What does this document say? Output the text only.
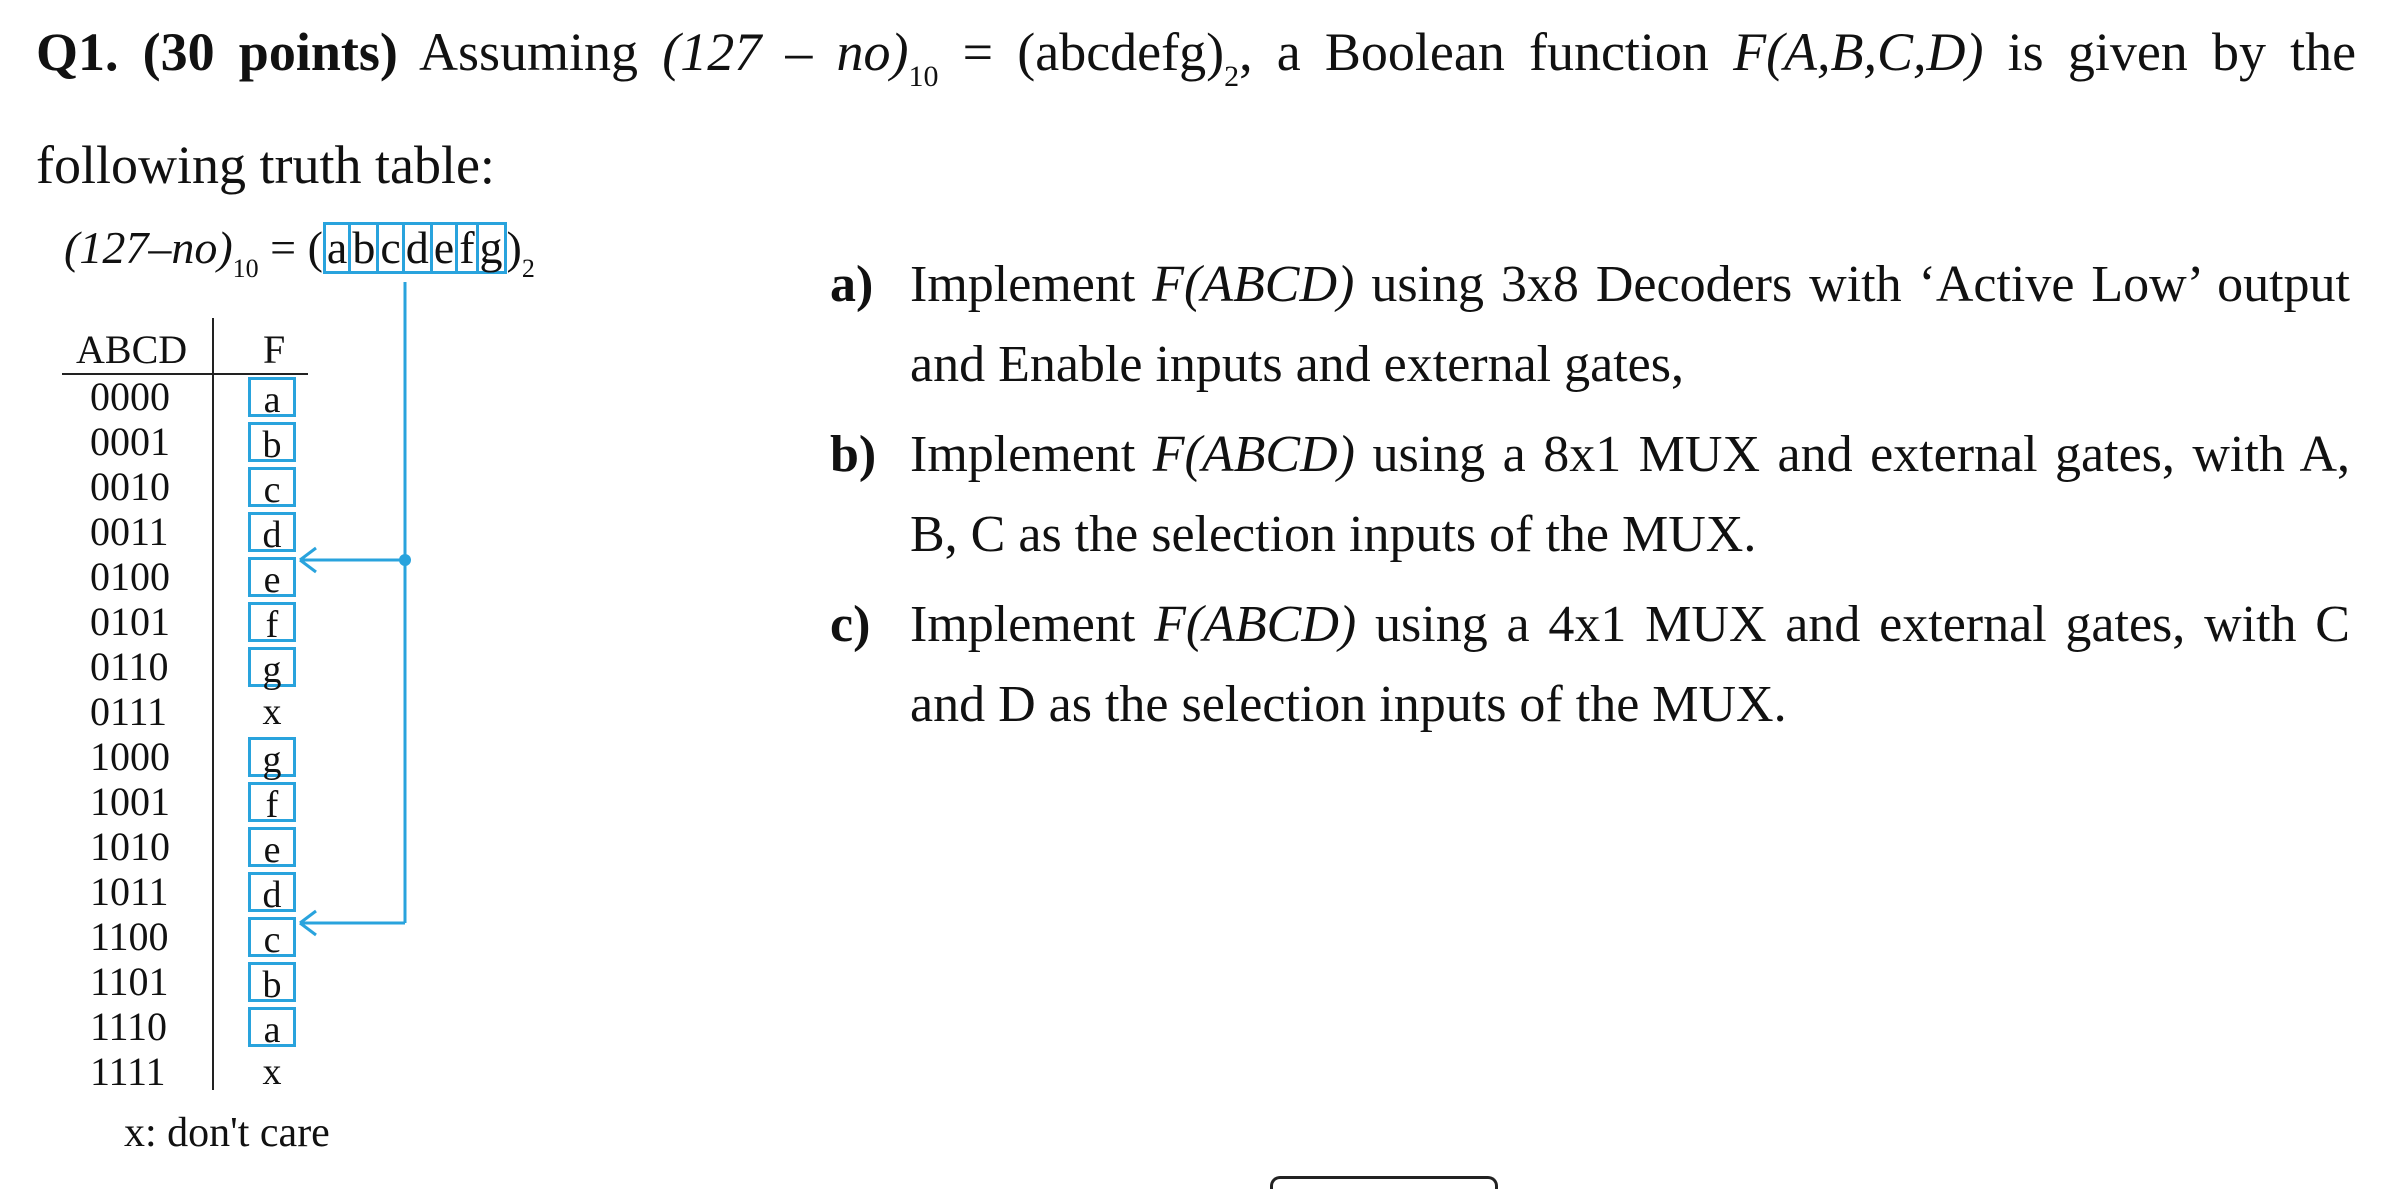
Q1. (30 points) Assuming $(127 - no)_{10}$ = $(abcdefg)_2$, a Boolean function F(A,B,C,D) is given by the following truth table:
$(127-no)_{10} = (a$ b c d e f $g)_2$
ABCD F
0000	a
0001	b
0010	c
0011	d
0100	e
0101	f
0110	g
0111	x
1000	g
1001	f
1010	e
1011	d
1100	c
1101	b
1110	a
1111	x
x: don't care
a) Implement F(ABCD) using 3x8 Decoders with ‘Active Low’ output and Enable inputs and external gates,
b) Implement F(ABCD) using a 8x1 MUX and external gates, with A, B, C as the selection inputs of the MUX.
c) Implement F(ABCD) using a 4x1 MUX and external gates, with C and D as the selection inputs of the MUX.
